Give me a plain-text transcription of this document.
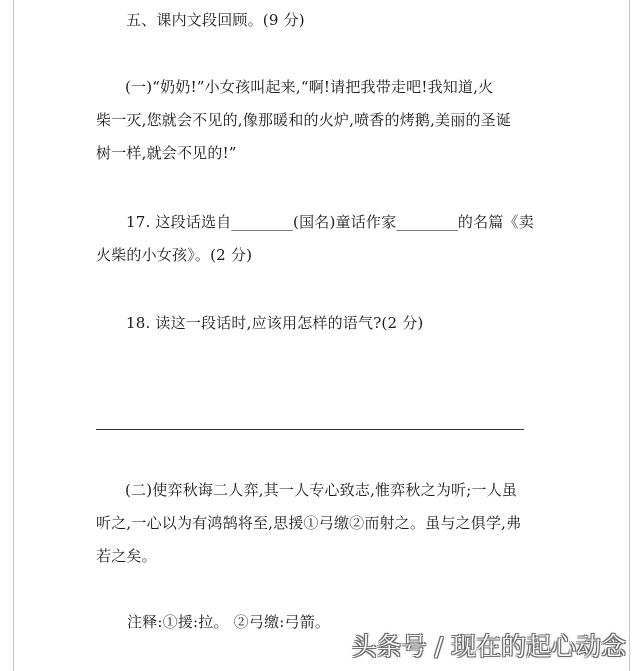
五、课内文段回顾。(9 分)
(一)“奶奶!”小女孩叫起来,“啊!请把我带走吧!我知道,火
柴一灭,您就会不见的,像那暖和的火炉,喷香的烤鹅,美丽的圣诞
树一样,就会不见的!”
17. 这段话选自________(国名)童话作家________的名篇《卖
火柴的小女孩》。(2 分)
18. 读这一段话时,应该用怎样的语气?(2 分)
(二)使弈秋诲二人弈,其一人专心致志,惟弈秋之为听;一人虽
听之,一心以为有鸿鹄将至,思援①弓缴②而射之。虽与之俱学,弗
若之矣。
注释:①援:拉。 ②弓缴:弓箭。
头条号 / 现在的起心动念
